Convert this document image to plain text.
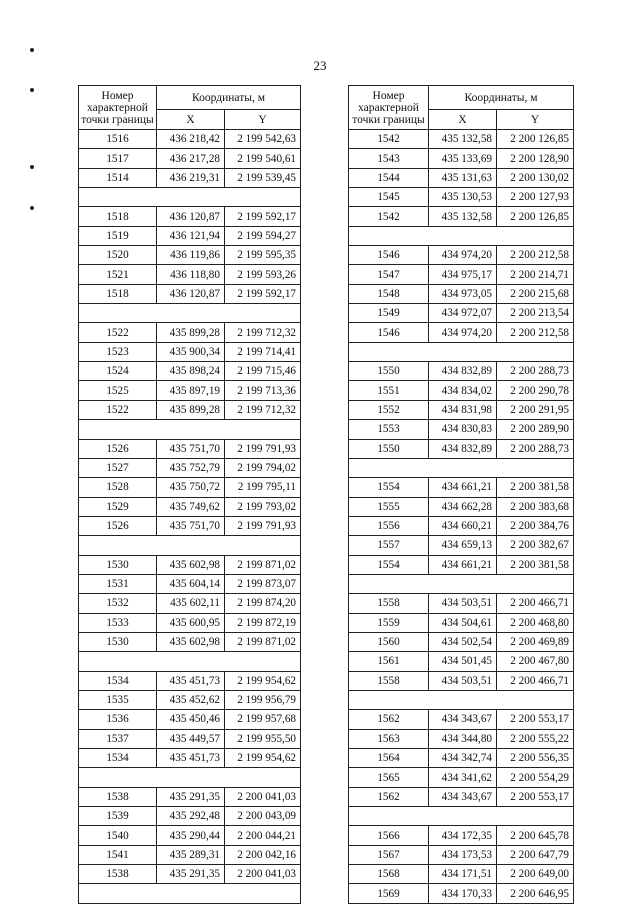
23
Номер характерной точки границы	Координаты, м	
	X	Y
1516	436 218,42	2 199 542,63
1517	436 217,28	2 199 540,61
1514	436 219,31	2 199 539,45

1518	436 120,87	2 199 592,17
1519	436 121,94	2 199 594,27
1520	436 119,86	2 199 595,35
1521	436 118,80	2 199 593,26
1518	436 120,87	2 199 592,17

1522	435 899,28	2 199 712,32
1523	435 900,34	2 199 714,41
1524	435 898,24	2 199 715,46
1525	435 897,19	2 199 713,36
1522	435 899,28	2 199 712,32

1526	435 751,70	2 199 791,93
1527	435 752,79	2 199 794,02
1528	435 750,72	2 199 795,11
1529	435 749,62	2 199 793,02
1526	435 751,70	2 199 791,93

1530	435 602,98	2 199 871,02
1531	435 604,14	2 199 873,07
1532	435 602,11	2 199 874,20
1533	435 600,95	2 199 872,19
1530	435 602,98	2 199 871,02

1534	435 451,73	2 199 954,62
1535	435 452,62	2 199 956,79
1536	435 450,46	2 199 957,68
1537	435 449,57	2 199 955,50
1534	435 451,73	2 199 954,62

1538	435 291,35	2 200 041,03
1539	435 292,48	2 200 043,09
1540	435 290,44	2 200 044,21
1541	435 289,31	2 200 042,16
1538	435 291,35	2 200 041,03

Номер характерной точки границы	Координаты, м	
	X	Y
1542	435 132,58	2 200 126,85
1543	435 133,69	2 200 128,90
1544	435 131,63	2 200 130,02
1545	435 130,53	2 200 127,93
1542	435 132,58	2 200 126,85

1546	434 974,20	2 200 212,58
1547	434 975,17	2 200 214,71
1548	434 973,05	2 200 215,68
1549	434 972,07	2 200 213,54
1546	434 974,20	2 200 212,58

1550	434 832,89	2 200 288,73
1551	434 834,02	2 200 290,78
1552	434 831,98	2 200 291,95
1553	434 830,83	2 200 289,90
1550	434 832,89	2 200 288,73

1554	434 661,21	2 200 381,58
1555	434 662,28	2 200 383,68
1556	434 660,21	2 200 384,76
1557	434 659,13	2 200 382,67
1554	434 661,21	2 200 381,58

1558	434 503,51	2 200 466,71
1559	434 504,61	2 200 468,80
1560	434 502,54	2 200 469,89
1561	434 501,45	2 200 467,80
1558	434 503,51	2 200 466,71

1562	434 343,67	2 200 553,17
1563	434 344,80	2 200 555,22
1564	434 342,74	2 200 556,35
1565	434 341,62	2 200 554,29
1562	434 343,67	2 200 553,17

1566	434 172,35	2 200 645,78
1567	434 173,53	2 200 647,79
1568	434 171,51	2 200 649,00
1569	434 170,33	2 200 646,95
